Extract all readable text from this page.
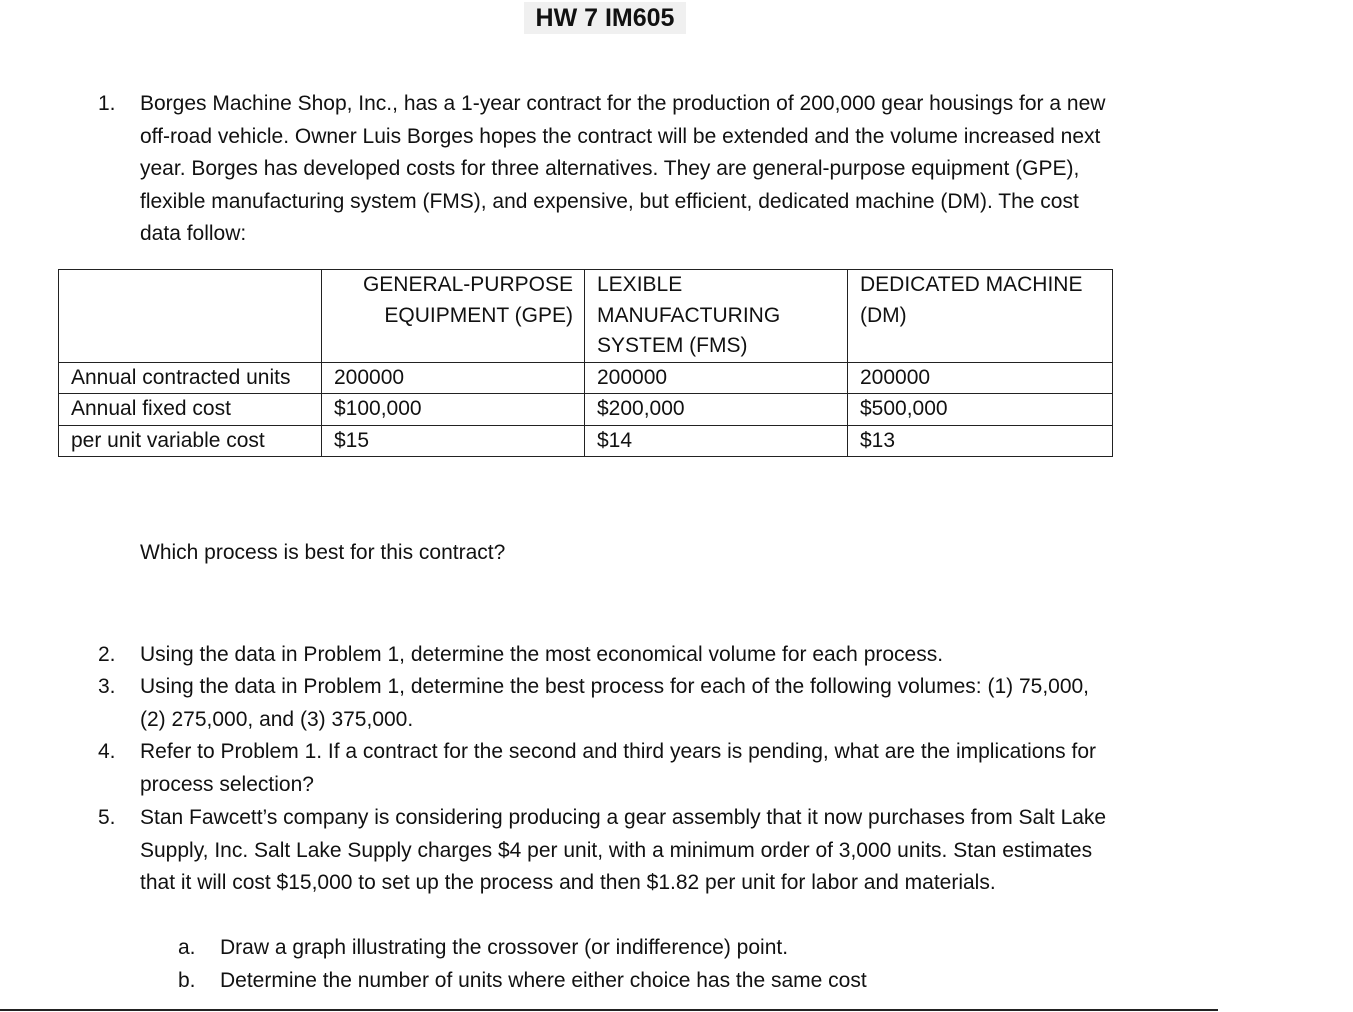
HW 7 IM605
1.	Borges Machine Shop, Inc., has a 1-year contract for the production of 200,000 gear housings for a new off-road vehicle. Owner Luis Borges hopes the contract will be extended and the volume increased next year. Borges has developed costs for three alternatives. They are general-purpose equipment (GPE), flexible manufacturing system (FMS), and expensive, but efficient, dedicated machine (DM). The cost data follow:
	GENERAL-PURPOSE EQUIPMENT (GPE)	LEXIBLE MANUFACTURING SYSTEM (FMS)	DEDICATED MACHINE (DM)
Annual contracted units	200000	200000	200000
Annual fixed cost	$100,000	$200,000	$500,000
per unit variable cost	$15	$14	$13
Which process is best for this contract?
2.	Using the data in Problem 1, determine the most economical volume for each process.
3.	Using the data in Problem 1, determine the best process for each of the following volumes: (1) 75,000, (2) 275,000, and (3) 375,000.
4.	Refer to Problem 1. If a contract for the second and third years is pending, what are the implications for process selection?
5.	Stan Fawcett’s company is considering producing a gear assembly that it now purchases from Salt Lake Supply, Inc. Salt Lake Supply charges $4 per unit, with a minimum order of 3,000 units. Stan estimates that it will cost $15,000 to set up the process and then $1.82 per unit for labor and materials.
a. Draw a graph illustrating the crossover (or indifference) point.
b. Determine the number of units where either choice has the same cost
